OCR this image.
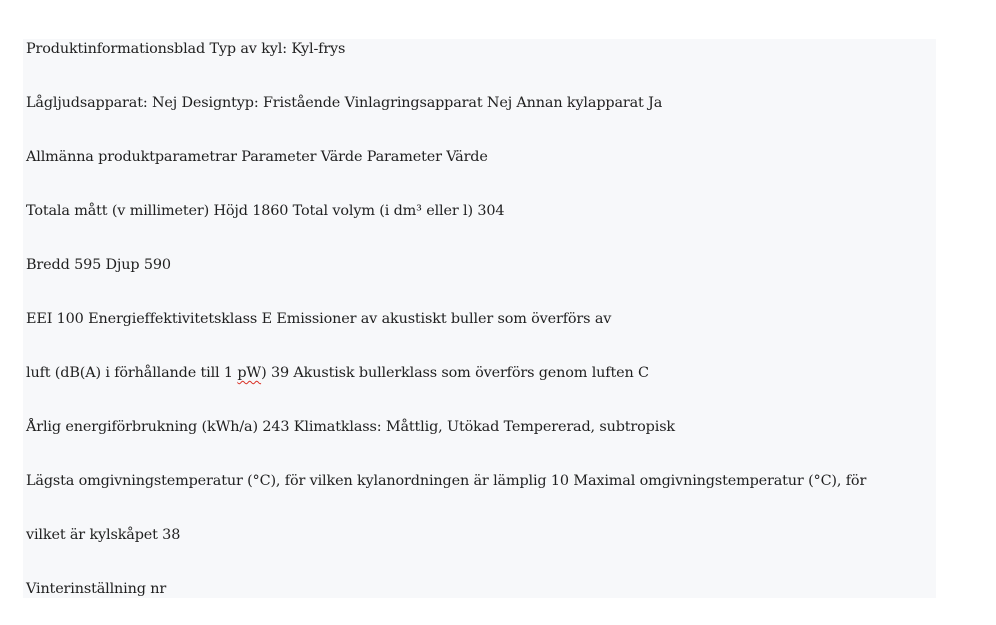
Produktinformationsblad Typ av kyl: Kyl-frys

Lågljudsapparat: Nej Designtyp: Fristående Vinlagringsapparat Nej Annan kylapparat Ja

Allmänna produktparametrar Parameter Värde Parameter Värde

Totala mått (v millimeter) Höjd 1860 Total volym (i dm³ eller l) 304

Bredd 595 Djup 590

EEI 100 Energieffektivitetsklass E Emissioner av akustiskt buller som överförs av

luft (dB(A) i förhållande till 1 pW) 39 Akustisk bullerklass som överförs genom luften C

Årlig energiförbrukning (kWh/a) 243 Klimatklass: Måttlig, Utökad Tempererad, subtropisk

Lägsta omgivningstemperatur (°C), för vilken kylanordningen är lämplig 10 Maximal omgivningstemperatur (°C), för

vilket är kylskåpet 38

Vinterinställning nr
